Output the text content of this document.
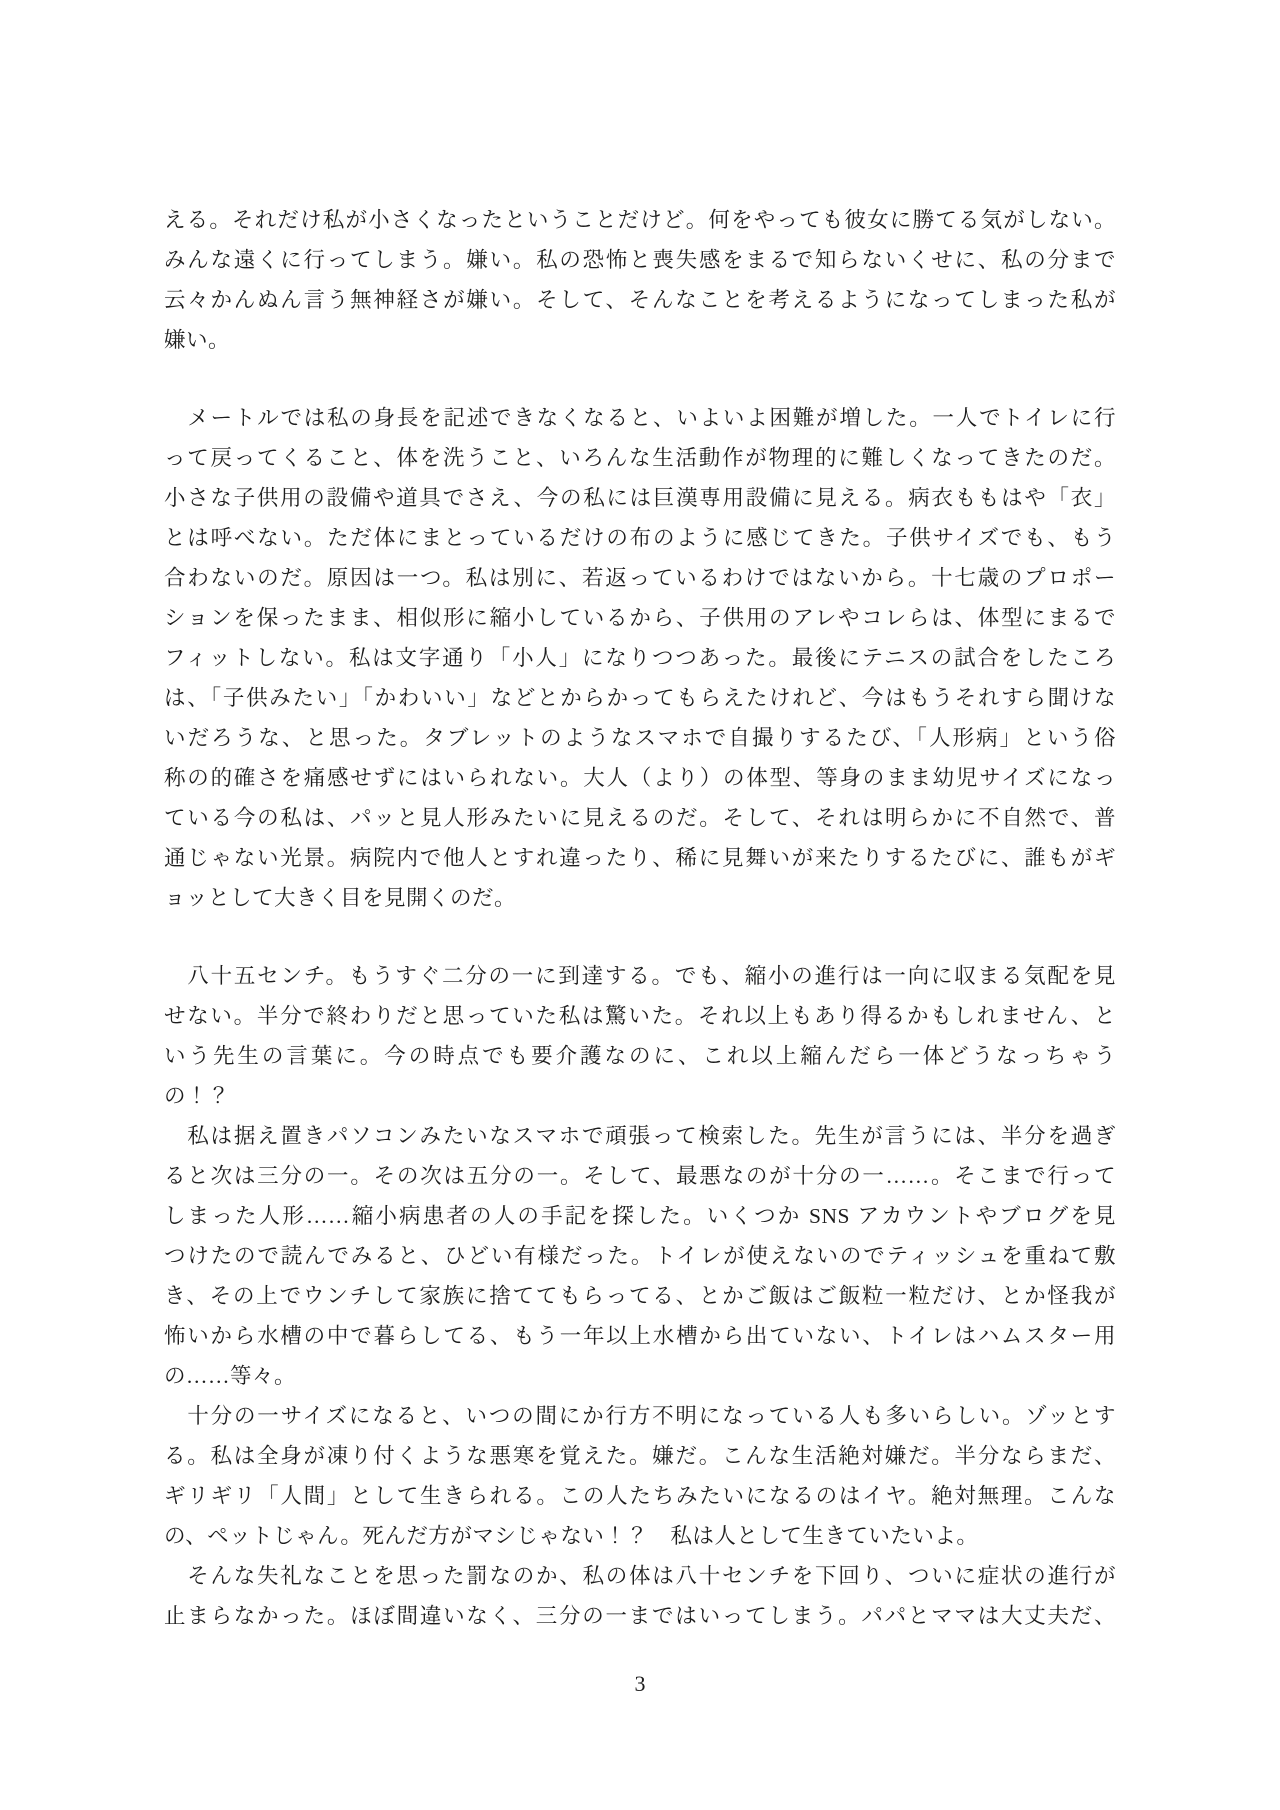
える。それだけ私が小さくなったということだけど。何をやっても彼女に勝てる気がしない。
みんな遠くに行ってしまう。嫌い。私の恐怖と喪失感をまるで知らないくせに、私の分まで
云々かんぬん言う無神経さが嫌い。そして、そんなことを考えるようになってしまった私が
嫌い。
　メートルでは私の身長を記述できなくなると、いよいよ困難が増した。一人でトイレに行
って戻ってくること、体を洗うこと、いろんな生活動作が物理的に難しくなってきたのだ。
小さな子供用の設備や道具でさえ、今の私には巨漢専用設備に見える。病衣ももはや「衣」
とは呼べない。ただ体にまとっているだけの布のように感じてきた。子供サイズでも、もう
合わないのだ。原因は一つ。私は別に、若返っているわけではないから。十七歳のプロポー
ションを保ったまま、相似形に縮小しているから、子供用のアレやコレらは、体型にまるで
フィットしない。私は文字通り「小人」になりつつあった。最後にテニスの試合をしたころ
は、「子供みたい」「かわいい」などとからかってもらえたけれど、今はもうそれすら聞けな
いだろうな、と思った。タブレットのようなスマホで自撮りするたび、「人形病」という俗
称の的確さを痛感せずにはいられない。大人（より）の体型、等身のまま幼児サイズになっ
ている今の私は、パッと見人形みたいに見えるのだ。そして、それは明らかに不自然で、普
通じゃない光景。病院内で他人とすれ違ったり、稀に見舞いが来たりするたびに、誰もがギ
ョッとして大きく目を見開くのだ。
　八十五センチ。もうすぐ二分の一に到達する。でも、縮小の進行は一向に収まる気配を見
せない。半分で終わりだと思っていた私は驚いた。それ以上もあり得るかもしれません、と
いう先生の言葉に。今の時点でも要介護なのに、これ以上縮んだら一体どうなっちゃう
の！？
　私は据え置きパソコンみたいなスマホで頑張って検索した。先生が言うには、半分を過ぎ
ると次は三分の一。その次は五分の一。そして、最悪なのが十分の一……。そこまで行って
しまった人形……縮小病患者の人の手記を探した。いくつか SNS アカウントやブログを見
つけたので読んでみると、ひどい有様だった。トイレが使えないのでティッシュを重ねて敷
き、その上でウンチして家族に捨ててもらってる、とかご飯はご飯粒一粒だけ、とか怪我が
怖いから水槽の中で暮らしてる、もう一年以上水槽から出ていない、トイレはハムスター用
の……等々。
　十分の一サイズになると、いつの間にか行方不明になっている人も多いらしい。ゾッとす
る。私は全身が凍り付くような悪寒を覚えた。嫌だ。こんな生活絶対嫌だ。半分ならまだ、
ギリギリ「人間」として生きられる。この人たちみたいになるのはイヤ。絶対無理。こんな
の、ペットじゃん。死んだ方がマシじゃない！？　私は人として生きていたいよ。
　そんな失礼なことを思った罰なのか、私の体は八十センチを下回り、ついに症状の進行が
止まらなかった。ほぼ間違いなく、三分の一まではいってしまう。パパとママは大丈夫だ、
3
